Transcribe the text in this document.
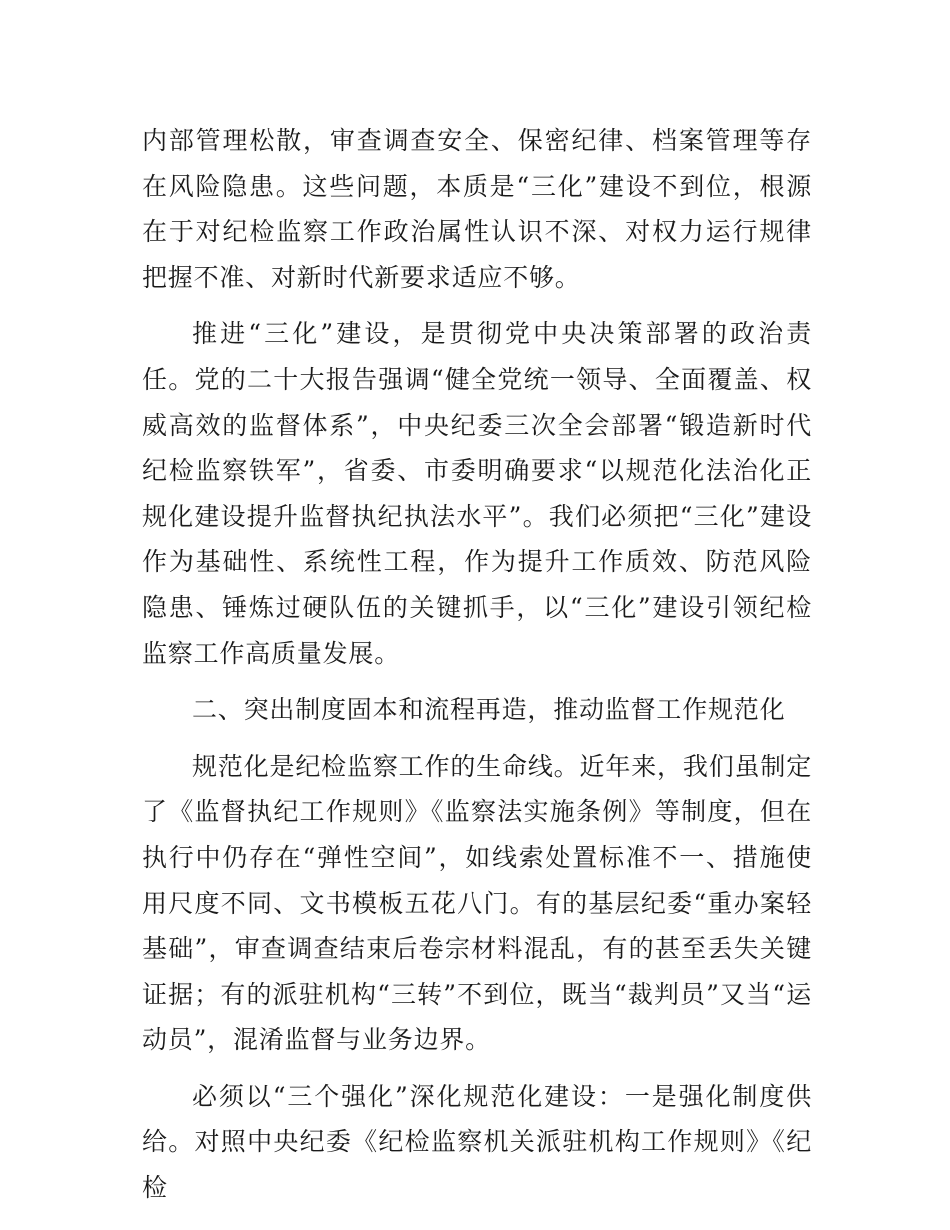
内部管理松散，审查调查安全、保密纪律、档案管理等存在风险隐患。这些问题，本质是“三化”建设不到位，根源在于对纪检监察工作政治属性认识不深、对权力运行规律把握不准、对新时代新要求适应不够。

推进“三化”建设，是贯彻党中央决策部署的政治责任。党的二十大报告强调“健全党统一领导、全面覆盖、权威高效的监督体系”，中央纪委三次全会部署“锻造新时代纪检监察铁军”，省委、市委明确要求“以规范化法治化正规化建设提升监督执纪执法水平”。我们必须把“三化”建设作为基础性、系统性工程，作为提升工作质效、防范风险隐患、锤炼过硬队伍的关键抓手，以“三化”建设引领纪检监察工作高质量发展。

二、突出制度固本和流程再造，推动监督工作规范化

规范化是纪检监察工作的生命线。近年来，我们虽制定了《监督执纪工作规则》《监察法实施条例》等制度，但在执行中仍存在“弹性空间”，如线索处置标准不一、措施使用尺度不同、文书模板五花八门。有的基层纪委“重办案轻基础”，审查调查结束后卷宗材料混乱，有的甚至丢失关键证据；有的派驻机构“三转”不到位，既当“裁判员”又当“运动员”，混淆监督与业务边界。

必须以“三个强化”深化规范化建设：一是强化制度供给。对照中央纪委《纪检监察机关派驻机构工作规则》《纪检
